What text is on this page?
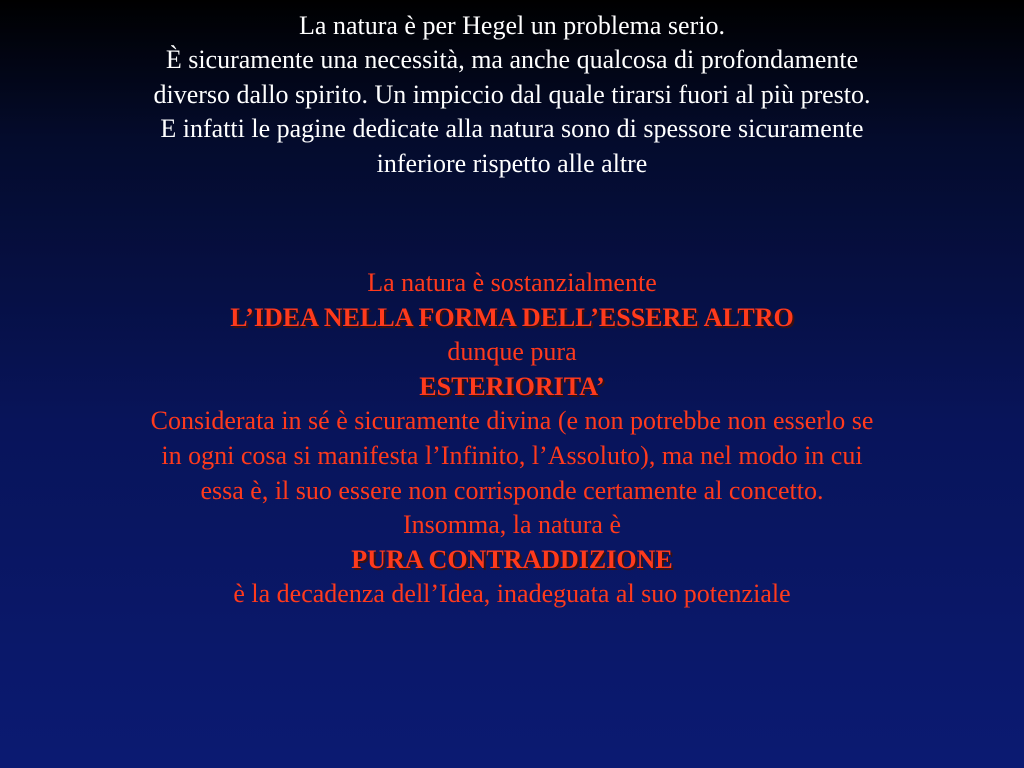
La natura è per Hegel un problema serio.
È sicuramente una necessità, ma anche qualcosa di profondamente
diverso dallo spirito. Un impiccio dal quale tirarsi fuori al più presto.
E infatti le pagine dedicate alla natura sono di spessore sicuramente
inferiore rispetto alle altre
La natura è sostanzialmente
L’IDEA NELLA FORMA DELL’ESSERE ALTRO
dunque pura
ESTERIORITA’
Considerata in sé è sicuramente divina (e non potrebbe non esserlo se
in ogni cosa si manifesta l’Infinito, l’Assoluto), ma nel modo in cui
essa è, il suo essere non corrisponde certamente al concetto.
Insomma, la natura è
PURA CONTRADDIZIONE
è la decadenza dell’Idea, inadeguata al suo potenziale
